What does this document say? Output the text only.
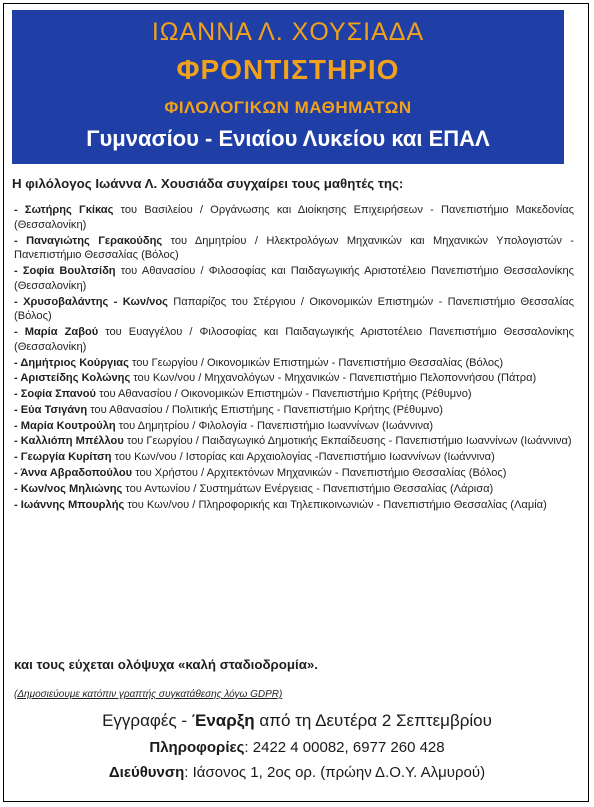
ΙΩΑΝΝΑ Λ. ΧΟΥΣΙΑΔΑ
ΦΡΟΝΤΙΣΤΗΡΙΟ
ΦΙΛΟΛΟΓΙΚΩΝ ΜΑΘΗΜΑΤΩΝ
Γυμνασίου - Ενιαίου Λυκείου και ΕΠΑΛ
Η φιλόλογος Ιωάννα Λ. Χουσιάδα συγχαίρει τους μαθητές της:
- Σωτήρης Γκίκας του Βασιλείου / Οργάνωσης και Διοίκησης Επιχειρήσεων - Πανεπιστήμιο Μακεδονίας (Θεσσαλονίκη)
- Παναγιώτης Γερακούδης του Δημητρίου / Ηλεκτρολόγων Μηχανικών και Μηχανικών Υπολογιστών - Πανεπιστήμιο Θεσσαλίας (Βόλος)
- Σοφία Βουλτσίδη του Αθανασίου / Φιλοσοφίας και Παιδαγωγικής Αριστοτέλειο Πανεπιστήμιο Θεσσαλονίκης (Θεσσαλονίκη)
- Χρυσοβαλάντης - Κων/νος Παπαρίζος του Στέργιου / Οικονομικών Επιστημών - Πανεπιστήμιο Θεσσαλίας (Βόλος)
- Μαρία Ζαβού του Ευαγγέλου / Φιλοσοφίας και Παιδαγωγικής Αριστοτέλειο Πανεπιστήμιο Θεσσαλονίκης (Θεσσαλονίκη)
- Δημήτριος Κούργιας του Γεωργίου / Οικονομικών Επιστημών - Πανεπιστήμιο Θεσσαλίας (Βόλος)
- Αριστείδης Κολώνης του Κων/νου / Μηχανολόγων - Μηχανικών - Πανεπιστήμιο Πελοποννήσου (Πάτρα)
- Σοφία Σπανού του Αθανασίου / Οικονομικών Επιστημών - Πανεπιστήμιο Κρήτης (Ρέθυμνο)
- Εύα Τσιγάνη του Αθανασίου / Πολιτικής Επιστήμης - Πανεπιστήμιο Κρήτης (Ρέθυμνο)
- Μαρία Κουτρούλη του Δημητρίου / Φιλολογία - Πανεπιστήμιο Ιωαννίνων (Ιωάννινα)
- Καλλιόπη Μπέλλου του Γεωργίου / Παιδαγωγικό Δημοτικής Εκπαίδευσης - Πανεπιστήμιο Ιωαννίνων (Ιωάννινα)
- Γεωργία Κυρίτση του Κων/νου / Ιστορίας και Αρχαιολογίας -Πανεπιστήμιο Ιωαννίνων (Ιωάννινα)
- Άννα Αβραδοπούλου του Χρήστου / Αρχιτεκτόνων Μηχανικών - Πανεπιστήμιο Θεσσαλίας (Βόλος)
- Κων/νος Μηλιώνης του Αντωνίου / Συστημάτων Ενέργειας - Πανεπιστήμιο Θεσσαλίας (Λάρισα)
- Ιωάννης Μπουρλής του Κων/νου / Πληροφορικής και Τηλεπικοινωνιών - Πανεπιστήμιο Θεσσαλίας (Λαμία)
και τους εύχεται ολόψυχα «καλή σταδιοδρομία».
(Δημοσιεύουμε κατόπιν γραπτής συγκατάθεσης λόγω GDPR)
Εγγραφές - Έναρξη από τη Δευτέρα 2 Σεπτεμβρίου
Πληροφορίες: 2422 4 00082, 6977 260 428
Διεύθυνση: Ιάσονος 1, 2ος ορ. (πρώην Δ.Ο.Υ. Αλμυρού)
